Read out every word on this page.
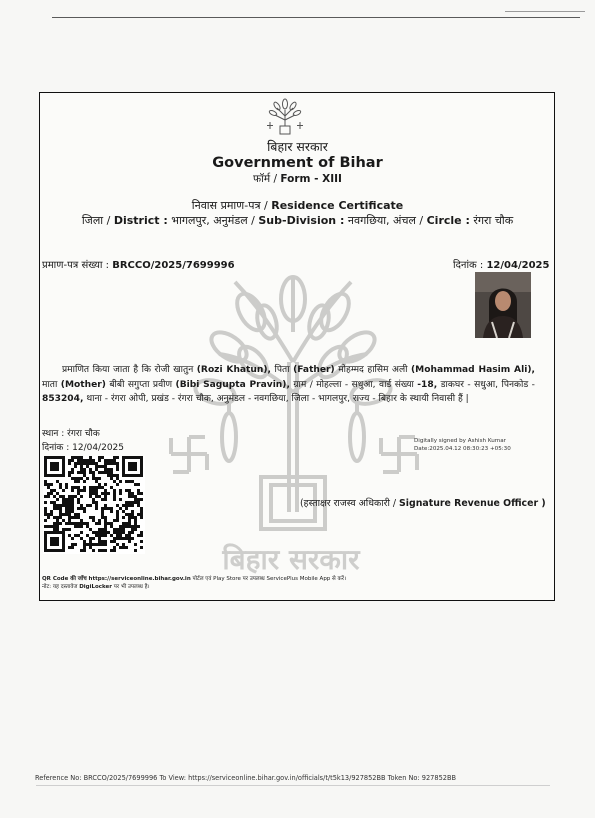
बिहार सरकार
बिहार सरकार
Government of Bihar
फॉर्म / Form - XIII
निवास प्रमाण-पत्र / Residence Certificate
जिला / District : भागलपुर, अनुमंडल / Sub-Division : नवगछिया, अंचल / Circle : रंगरा चौक
प्रमाण-पत्र संख्या : BRCCO/2025/7699996	दिनांक : 12/04/2025
प्रमाणित किया जाता है कि रोजी खातुन (Rozi Khatun), पिता (Father) मोहम्मद हासिम अली (Mohammad Hasim Ali), माता (Mother) बीबी सगुप्ता प्रवीण (Bibi Sagupta Pravin), ग्राम / मोहल्ला - सधुआ, वार्ड संख्या -18, डाकघर - सधुआ, पिनकोड - 853204, थाना - रंगरा ओपी, प्रखंड - रंगरा चौक, अनुमंडल - नवगछिया, जिला - भागलपुर, राज्य - बिहार के स्थायी निवासी हैं |
स्थान : रंगरा चौक
दिनांक : 12/04/2025
Digitally signed by Ashish Kumar
Date:2025.04.12 08:30:23 +05:30
(हस्ताक्षर राजस्व अधिकारी / Signature Revenue Officer )
QR Code की जाँच https://serviceonline.bihar.gov.in पोर्टल एवं Play Store पर उपलब्ध ServicePlus Mobile App से करें।
नोट: यह दस्तावेज DigiLocker पर भी उपलब्ध है।
Reference No: BRCCO/2025/7699996 To View: https://serviceonline.bihar.gov.in/officials/t/t5k13/927852BB Token No: 927852BB
